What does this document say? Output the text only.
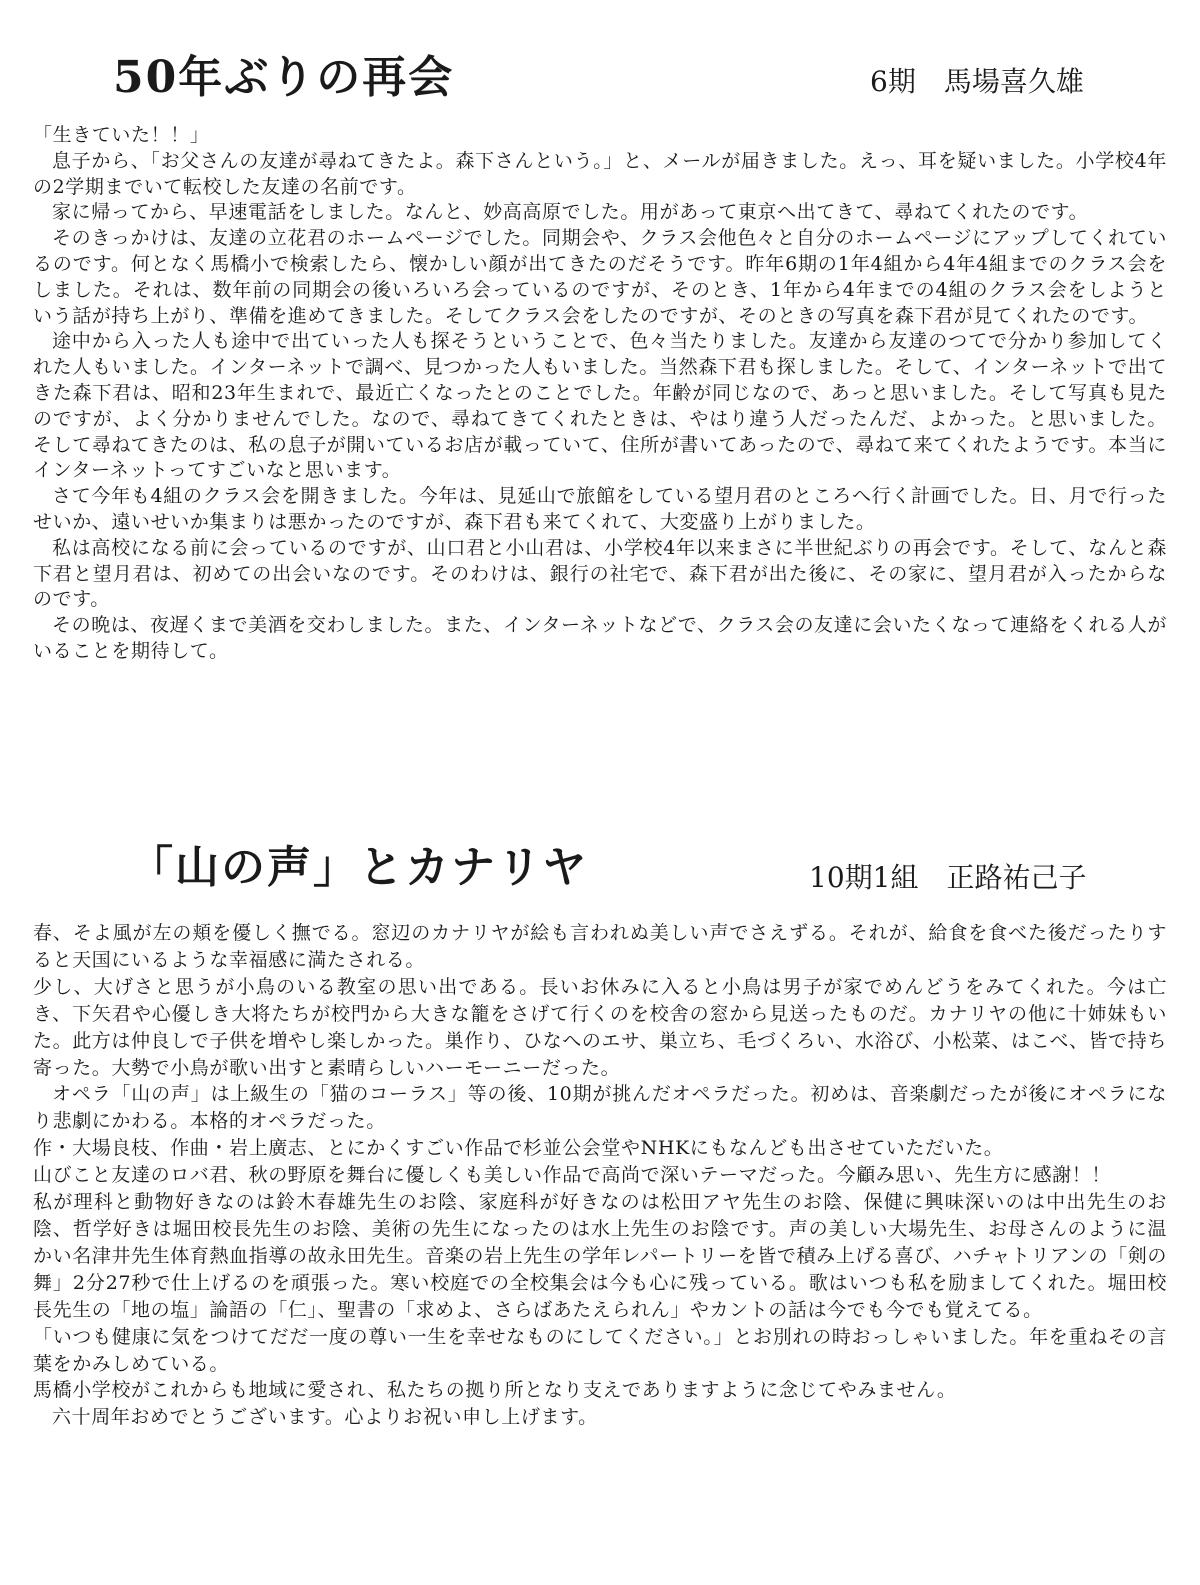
50年ぶりの再会	6期　馬場喜久雄

「生きていた！！」

息子から、「お父さんの友達が尋ねてきたよ。森下さんという。」と、メールが届きました。えっ、耳を疑いました。小学校4年の2学期までいて転校した友達の名前です。

家に帰ってから、早速電話をしました。なんと、妙高高原でした。用があって東京へ出てきて、尋ねてくれたのです。

そのきっかけは、友達の立花君のホームページでした。同期会や、クラス会他色々と自分のホームページにアップしてくれているのです。何となく馬橋小で検索したら、懐かしい顔が出てきたのだそうです。昨年6期の1年4組から4年4組までのクラス会をしました。それは、数年前の同期会の後いろいろ会っているのですが、そのとき、1年から4年までの4組のクラス会をしようという話が持ち上がり、準備を進めてきました。そしてクラス会をしたのですが、そのときの写真を森下君が見てくれたのです。

途中から入った人も途中で出ていった人も探そうということで、色々当たりました。友達から友達のつてで分かり参加してくれた人もいました。インターネットで調べ、見つかった人もいました。当然森下君も探しました。そして、インターネットで出てきた森下君は、昭和23年生まれで、最近亡くなったとのことでした。年齢が同じなので、あっと思いました。そして写真も見たのですが、よく分かりませんでした。なので、尋ねてきてくれたときは、やはり違う人だったんだ、よかった。と思いました。そして尋ねてきたのは、私の息子が開いているお店が載っていて、住所が書いてあったので、尋ねて来てくれたようです。本当にインターネットってすごいなと思います。

さて今年も4組のクラス会を開きました。今年は、見延山で旅館をしている望月君のところへ行く計画でした。日、月で行ったせいか、遠いせいか集まりは悪かったのですが、森下君も来てくれて、大変盛り上がりました。

私は高校になる前に会っているのですが、山口君と小山君は、小学校4年以来まさに半世紀ぶりの再会です。そして、なんと森下君と望月君は、初めての出会いなのです。そのわけは、銀行の社宅で、森下君が出た後に、その家に、望月君が入ったからなのです。

その晩は、夜遅くまで美酒を交わしました。また、インターネットなどで、クラス会の友達に会いたくなって連絡をくれる人がいることを期待して。

「山の声」とカナリヤ	10期1組　正路祐己子

春、そよ風が左の頬を優しく撫でる。窓辺のカナリヤが絵も言われぬ美しい声でさえずる。それが、給食を食べた後だったりすると天国にいるような幸福感に満たされる。

少し、大げさと思うが小鳥のいる教室の思い出である。長いお休みに入ると小鳥は男子が家でめんどうをみてくれた。今は亡き、下矢君や心優しき大将たちが校門から大きな籠をさげて行くのを校舎の窓から見送ったものだ。カナリヤの他に十姉妹もいた。此方は仲良しで子供を増やし楽しかった。巣作り、ひなへのエサ、巣立ち、毛づくろい、水浴び、小松菜、はこべ、皆で持ち寄った。大勢で小鳥が歌い出すと素晴らしいハーモーニーだった。

オペラ「山の声」は上級生の「猫のコーラス」等の後、10期が挑んだオペラだった。初めは、音楽劇だったが後にオペラになり悲劇にかわる。本格的オペラだった。

作・大場良枝、作曲・岩上廣志、とにかくすごい作品で杉並公会堂やNHKにもなんども出させていただいた。

山びこと友達のロバ君、秋の野原を舞台に優しくも美しい作品で高尚で深いテーマだった。今顧み思い、先生方に感謝！！

私が理科と動物好きなのは鈴木春雄先生のお陰、家庭科が好きなのは松田アヤ先生のお陰、保健に興味深いのは中出先生のお陰、哲学好きは堀田校長先生のお陰、美術の先生になったのは水上先生のお陰です。声の美しい大場先生、お母さんのように温かい名津井先生体育熱血指導の故永田先生。音楽の岩上先生の学年レパートリーを皆で積み上げる喜び、ハチャトリアンの「剣の舞」2分27秒で仕上げるのを頑張った。寒い校庭での全校集会は今も心に残っている。歌はいつも私を励ましてくれた。堀田校長先生の「地の塩」論語の「仁」、聖書の「求めよ、さらばあたえられん」やカントの話は今でも今でも覚えてる。

「いつも健康に気をつけてだだ一度の尊い一生を幸せなものにしてください。」とお別れの時おっしゃいました。年を重ねその言葉をかみしめている。

馬橋小学校がこれからも地域に愛され、私たちの拠り所となり支えでありますように念じてやみません。

六十周年おめでとうございます。心よりお祝い申し上げます。
